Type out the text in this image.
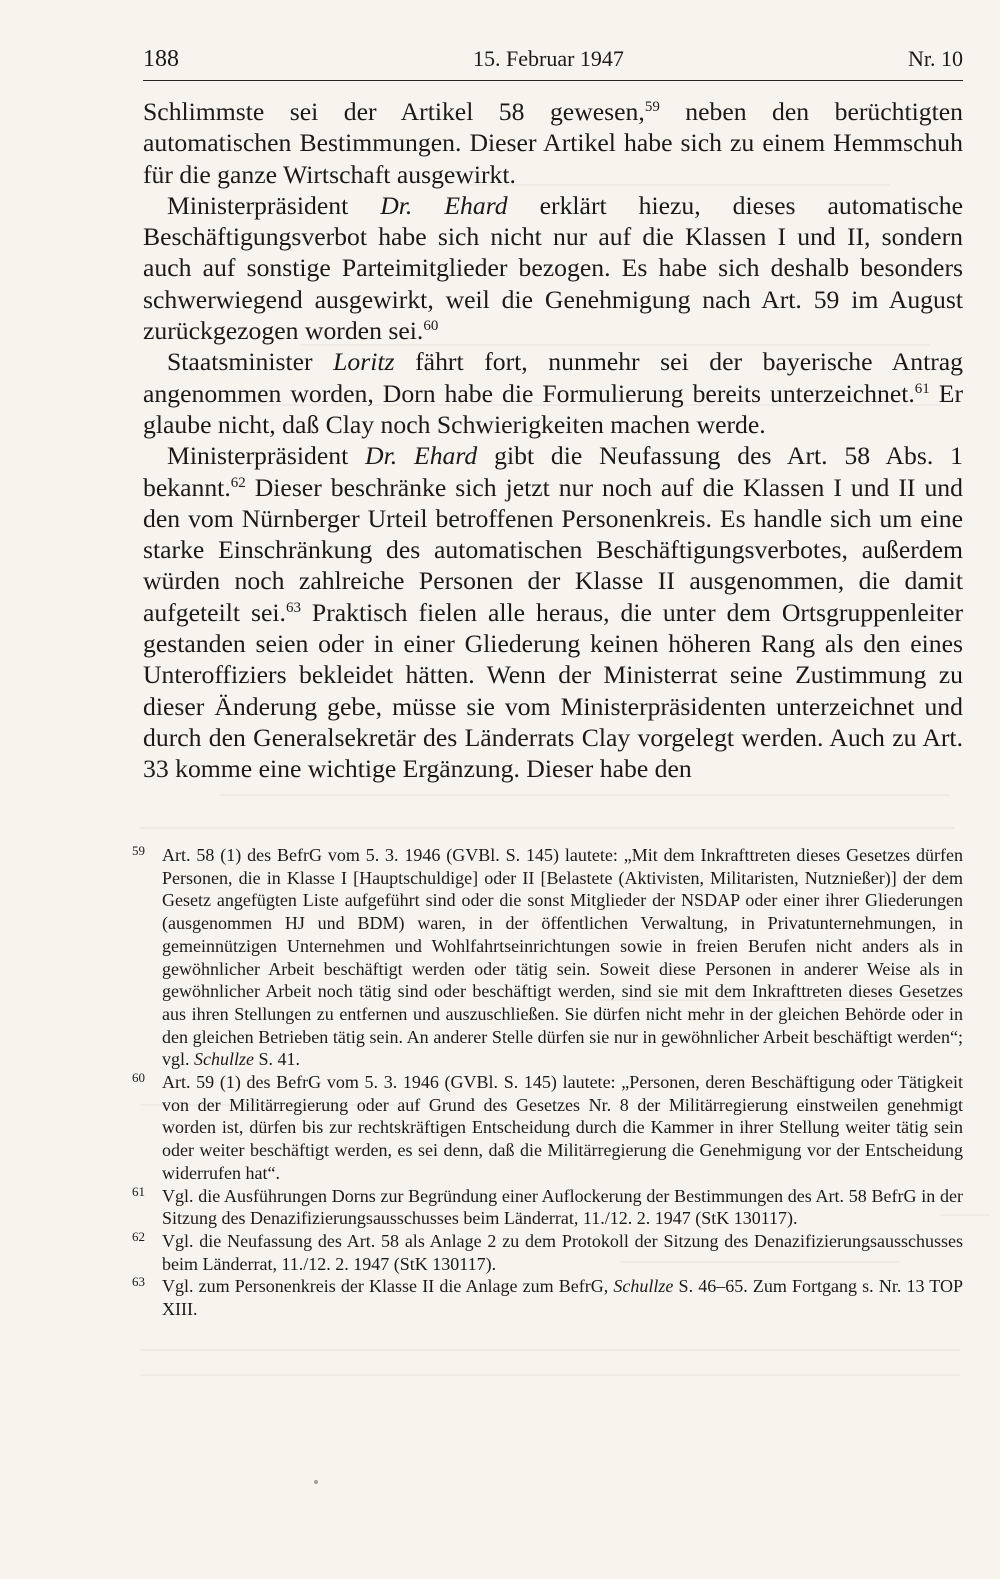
188	15. Februar 1947	Nr. 10

Schlimmste sei der Artikel 58 gewesen,$^{59}$ neben den berüchtigten automatischen Bestimmungen. Dieser Artikel habe sich zu einem Hemmschuh für die ganze Wirtschaft ausgewirkt.

Ministerpräsident Dr. Ehard erklärt hiezu, dieses automatische Beschäftigungsverbot habe sich nicht nur auf die Klassen I und II, sondern auch auf sonstige Parteimitglieder bezogen. Es habe sich deshalb besonders schwerwiegend ausgewirkt, weil die Genehmigung nach Art. 59 im August zurückgezogen worden sei.$^{60}$

Staatsminister Loritz fährt fort, nunmehr sei der bayerische Antrag angenommen worden, Dorn habe die Formulierung bereits unterzeichnet.$^{61}$ Er glaube nicht, daß Clay noch Schwierigkeiten machen werde.

Ministerpräsident Dr. Ehard gibt die Neufassung des Art. 58 Abs. 1 bekannt.$^{62}$ Dieser beschränke sich jetzt nur noch auf die Klassen I und II und den vom Nürnberger Urteil betroffenen Personenkreis. Es handle sich um eine starke Einschränkung des automatischen Beschäftigungsverbotes, außerdem würden noch zahlreiche Personen der Klasse II ausgenommen, die damit aufgeteilt sei.$^{63}$ Praktisch fielen alle heraus, die unter dem Ortsgruppenleiter gestanden seien oder in einer Gliederung keinen höheren Rang als den eines Unteroffiziers bekleidet hätten. Wenn der Ministerrat seine Zustimmung zu dieser Änderung gebe, müsse sie vom Ministerpräsidenten unterzeichnet und durch den Generalsekretär des Länderrats Clay vorgelegt werden. Auch zu Art. 33 komme eine wichtige Ergänzung. Dieser habe den

59 Art. 58 (1) des BefrG vom 5. 3. 1946 (GVBl. S. 145) lautete: „Mit dem Inkrafttreten dieses Gesetzes dürfen Personen, die in Klasse I [Hauptschuldige] oder II [Belastete (Aktivisten, Militaristen, Nutznießer)] der dem Gesetz angefügten Liste aufgeführt sind oder die sonst Mitglieder der NSDAP oder einer ihrer Gliederungen (ausgenommen HJ und BDM) waren, in der öffentlichen Verwaltung, in Privatunternehmungen, in gemeinnützigen Unternehmen und Wohlfahrtseinrichtungen sowie in freien Berufen nicht anders als in gewöhnlicher Arbeit beschäftigt werden oder tätig sein. Soweit diese Personen in anderer Weise als in gewöhnlicher Arbeit noch tätig sind oder beschäftigt werden, sind sie mit dem Inkrafttreten dieses Gesetzes aus ihren Stellungen zu entfernen und auszuschließen. Sie dürfen nicht mehr in der gleichen Behörde oder in den gleichen Betrieben tätig sein. An anderer Stelle dürfen sie nur in gewöhnlicher Arbeit beschäftigt werden“; vgl. Schullze S. 41.

60 Art. 59 (1) des BefrG vom 5. 3. 1946 (GVBl. S. 145) lautete: „Personen, deren Beschäftigung oder Tätigkeit von der Militärregierung oder auf Grund des Gesetzes Nr. 8 der Militärregierung einstweilen genehmigt worden ist, dürfen bis zur rechtskräftigen Entscheidung durch die Kammer in ihrer Stellung weiter tätig sein oder weiter beschäftigt werden, es sei denn, daß die Militärregierung die Genehmigung vor der Entscheidung widerrufen hat“.

61 Vgl. die Ausführungen Dorns zur Begründung einer Auflockerung der Bestimmungen des Art. 58 BefrG in der Sitzung des Denazifizierungsausschusses beim Länderrat, 11./12. 2. 1947 (StK 130117).

62 Vgl. die Neufassung des Art. 58 als Anlage 2 zu dem Protokoll der Sitzung des Denazifizierungsausschusses beim Länderrat, 11./12. 2. 1947 (StK 130117).

63 Vgl. zum Personenkreis der Klasse II die Anlage zum BefrG, Schullze S. 46–65. Zum Fortgang s. Nr. 13 TOP XIII.
